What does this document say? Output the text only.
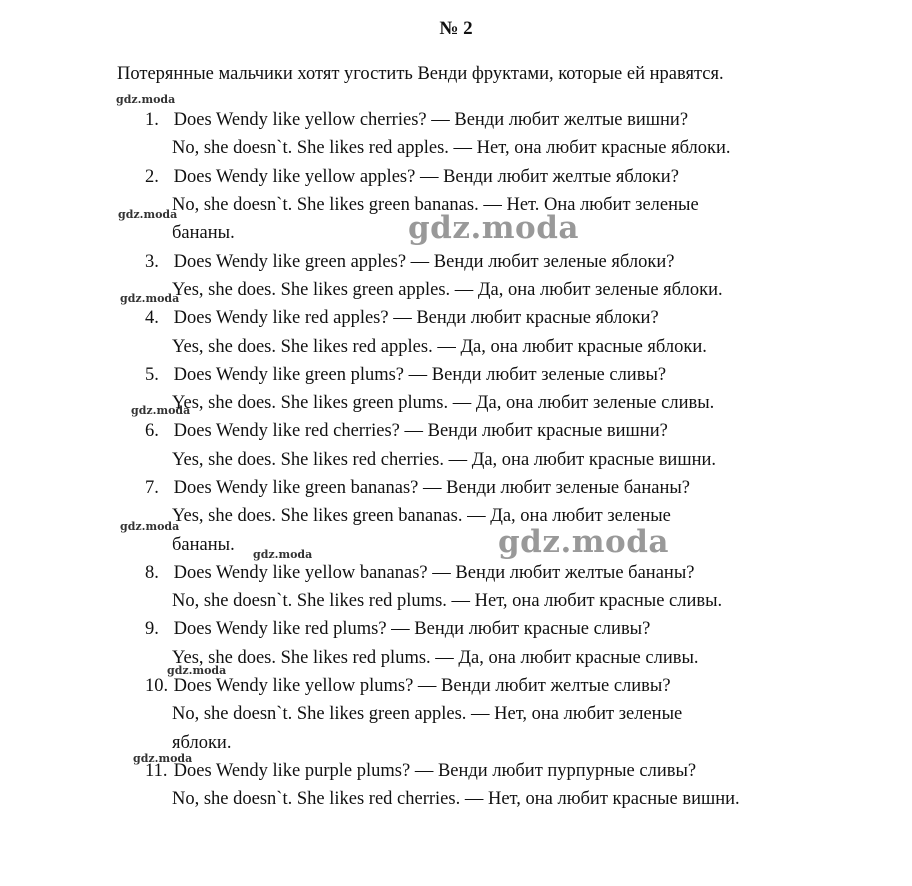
№ 2
Потерянные мальчики хотят угостить Венди фруктами, которые ей нравятся.
1. Does Wendy like yellow cherries? — Венди любит желтые вишни?
No, she doesn`t. She likes red apples. — Нет, она любит красные яблоки.
2. Does Wendy like yellow apples? — Венди любит желтые яблоки?
No, she doesn`t. She likes green bananas. — Нет. Она любит зеленые
бананы.
3. Does Wendy like green apples? — Венди любит зеленые яблоки?
Yes, she does. She likes green apples. — Да, она любит зеленые яблоки.
4. Does Wendy like red apples? — Венди любит красные яблоки?
Yes, she does. She likes red apples. — Да, она любит красные яблоки.
5. Does Wendy like green plums? — Венди любит зеленые сливы?
Yes, she does. She likes green plums. — Да, она любит зеленые сливы.
6. Does Wendy like red cherries? — Венди любит красные вишни?
Yes, she does. She likes red cherries. — Да, она любит красные вишни.
7. Does Wendy like green bananas? — Венди любит зеленые бананы?
Yes, she does. She likes green bananas. — Да, она любит зеленые
бананы.
8. Does Wendy like yellow bananas? — Венди любит желтые бананы?
No, she doesn`t. She likes red plums. — Нет, она любит красные сливы.
9. Does Wendy like red plums? — Венди любит красные сливы?
Yes, she does. She likes red plums. — Да, она любит красные сливы.
10. Does Wendy like yellow plums? — Венди любит желтые сливы?
No, she doesn`t. She likes green apples. — Нет, она любит зеленые
яблоки.
11. Does Wendy like purple plums? — Венди любит пурпурные сливы?
No, she doesn`t. She likes red cherries. — Нет, она любит красные вишни.
gdz.moda
gdz.moda
gdz.moda
gdz.moda
gdz.moda
gdz.moda
gdz.moda
gdz.moda
gdz.moda
gdz.moda
